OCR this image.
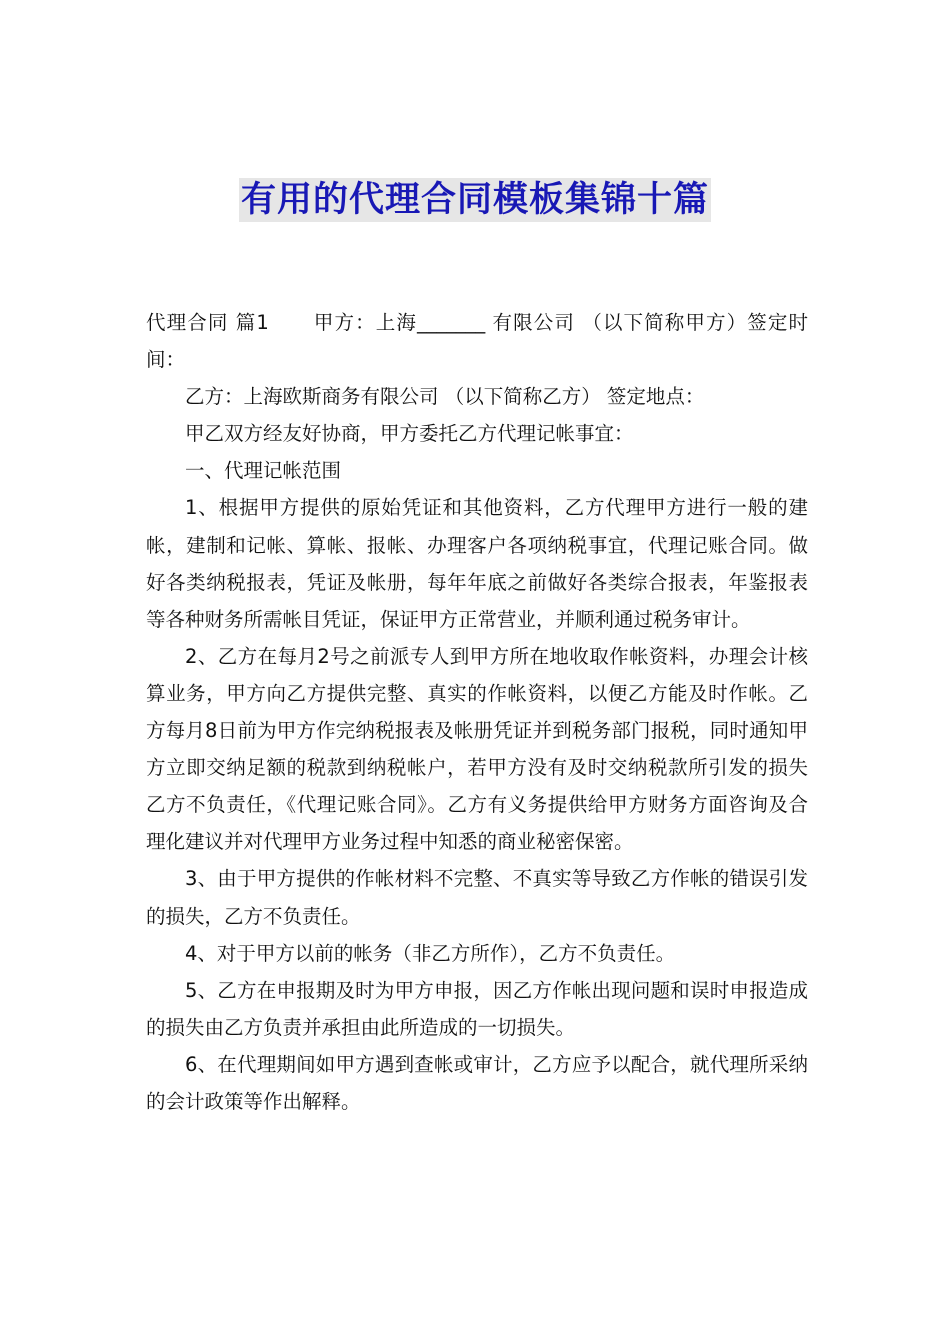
有用的代理合同模板集锦十篇

代理合同 篇1 甲方：上海_______ 有限公司 （以下简称甲方）签定时间：

乙方：上海欧斯商务有限公司 （以下简称乙方） 签定地点：

甲乙双方经友好协商，甲方委托乙方代理记帐事宜：

一、代理记帐范围

1、根据甲方提供的原始凭证和其他资料，乙方代理甲方进行一般的建帐，建制和记帐、算帐、报帐、办理客户各项纳税事宜，代理记账合同。做好各类纳税报表，凭证及帐册，每年年底之前做好各类综合报表，年鉴报表等各种财务所需帐目凭证，保证甲方正常营业，并顺利通过税务审计。

2、乙方在每月2号之前派专人到甲方所在地收取作帐资料，办理会计核算业务，甲方向乙方提供完整、真实的作帐资料，以便乙方能及时作帐。乙方每月8日前为甲方作完纳税报表及帐册凭证并到税务部门报税，同时通知甲方立即交纳足额的税款到纳税帐户，若甲方没有及时交纳税款所引发的损失乙方不负责任，《代理记账合同》。乙方有义务提供给甲方财务方面咨询及合理化建议并对代理甲方业务过程中知悉的商业秘密保密。

3、由于甲方提供的作帐材料不完整、不真实等导致乙方作帐的错误引发的损失，乙方不负责任。

4、对于甲方以前的帐务（非乙方所作），乙方不负责任。

5、乙方在申报期及时为甲方申报，因乙方作帐出现问题和误时申报造成的损失由乙方负责并承担由此所造成的一切损失。

6、在代理期间如甲方遇到查帐或审计，乙方应予以配合，就代理所采纳的会计政策等作出解释。
